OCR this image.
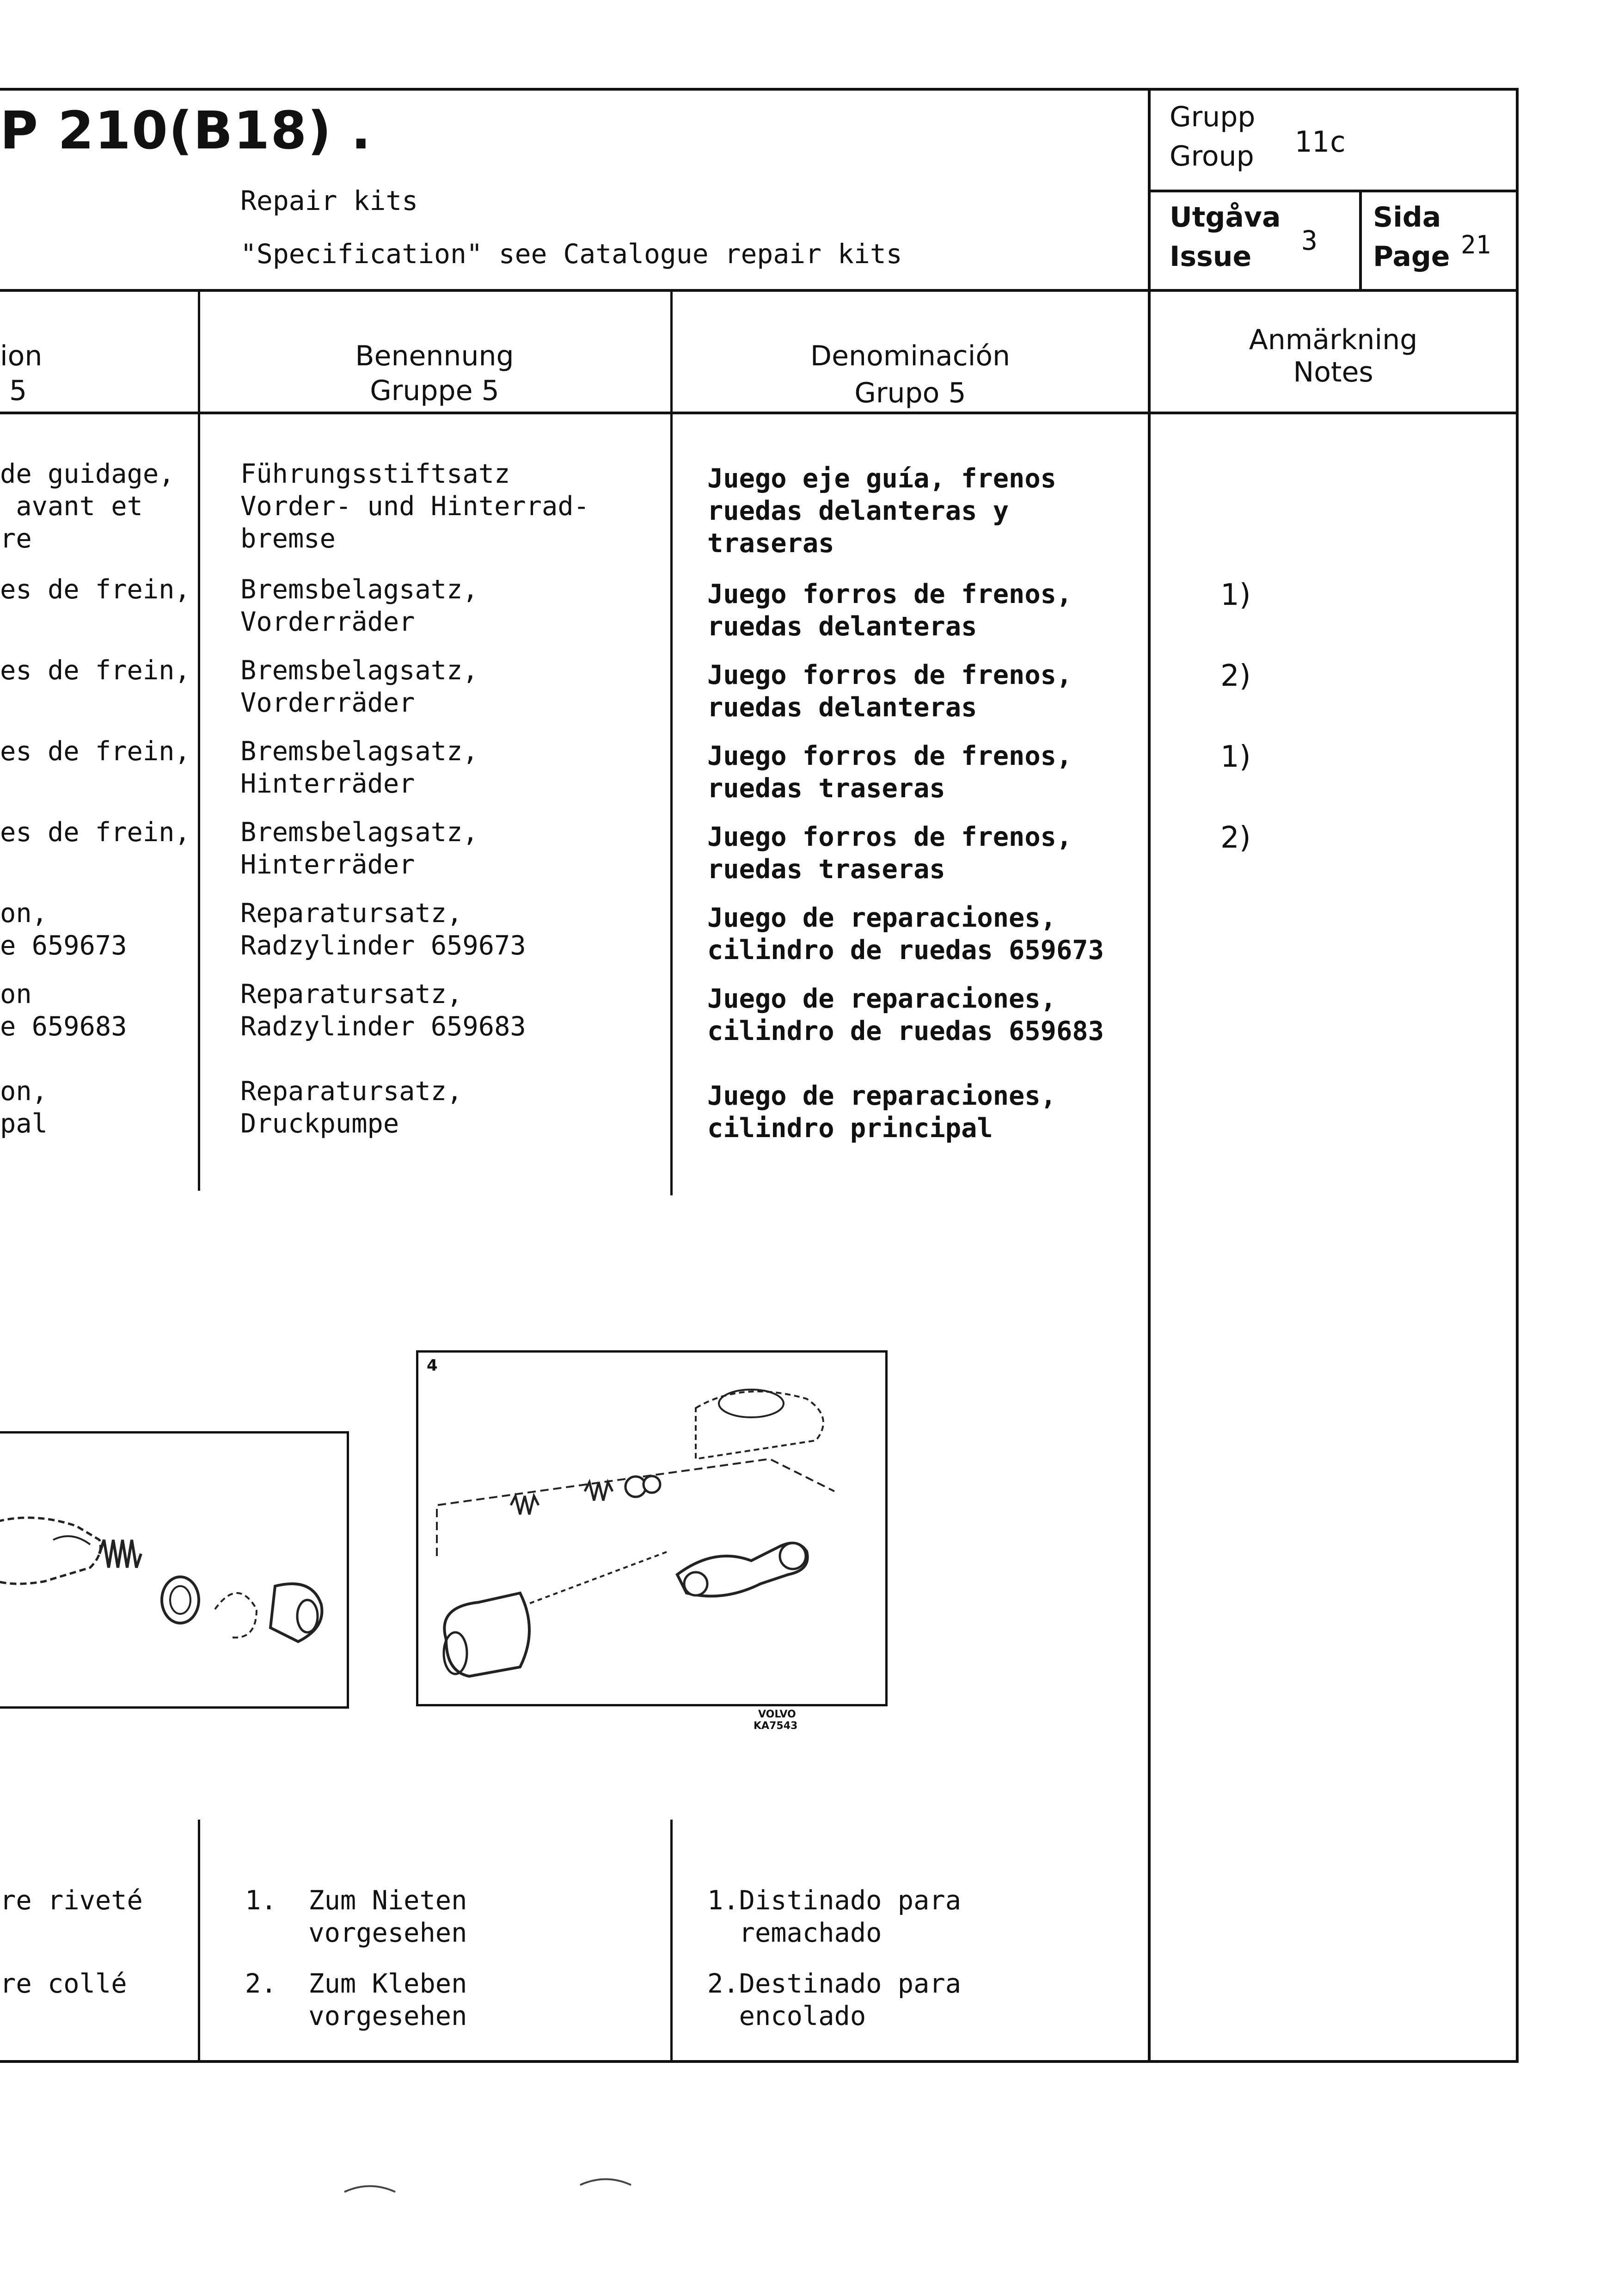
P 210(B18) .
Repair kits
"Specification" see Catalogue repair kits
Grupp
Group 11c
Utgåva
Issue 3
Sida
Page 21
ion
5
Benennung
Gruppe 5
Denominación
Grupo 5
Anmärkning
Notes
de guidage,
avant et
re
Führungsstiftsatz
Vorder- und Hinterrad-
bremse
Juego eje guía, frenos
ruedas delanteras y
traseras
es de frein, Bremsbelagsatz,
Vorderräder
Juego forros de frenos,
ruedas delanteras
1)
es de frein, Bremsbelagsatz,
Vorderräder
Juego forros de frenos,
ruedas delanteras
2)
es de frein, Bremsbelagsatz,
Hinterräder
Juego forros de frenos,
ruedas traseras
1)
es de frein, Bremsbelagsatz,
Hinterräder
Juego forros de frenos,
ruedas traseras
2)
on,
e 659673
Reparatursatz,
Radzylinder 659673
Juego de reparaciones,
cilindro de ruedas 659673
on
e 659683
Reparatursatz,
Radzylinder 659683
Juego de reparaciones,
cilindro de ruedas 659683
on,
pal
Reparatursatz,
Druckpumpe
Juego de reparaciones,
cilindro principal
4
VOLVO
KA7543
re riveté
re collé
1.  Zum Nieten
vorgesehen
2.  Zum Kleben
vorgesehen
1.Distinado para
remachado
2.Destinado para
encolado
